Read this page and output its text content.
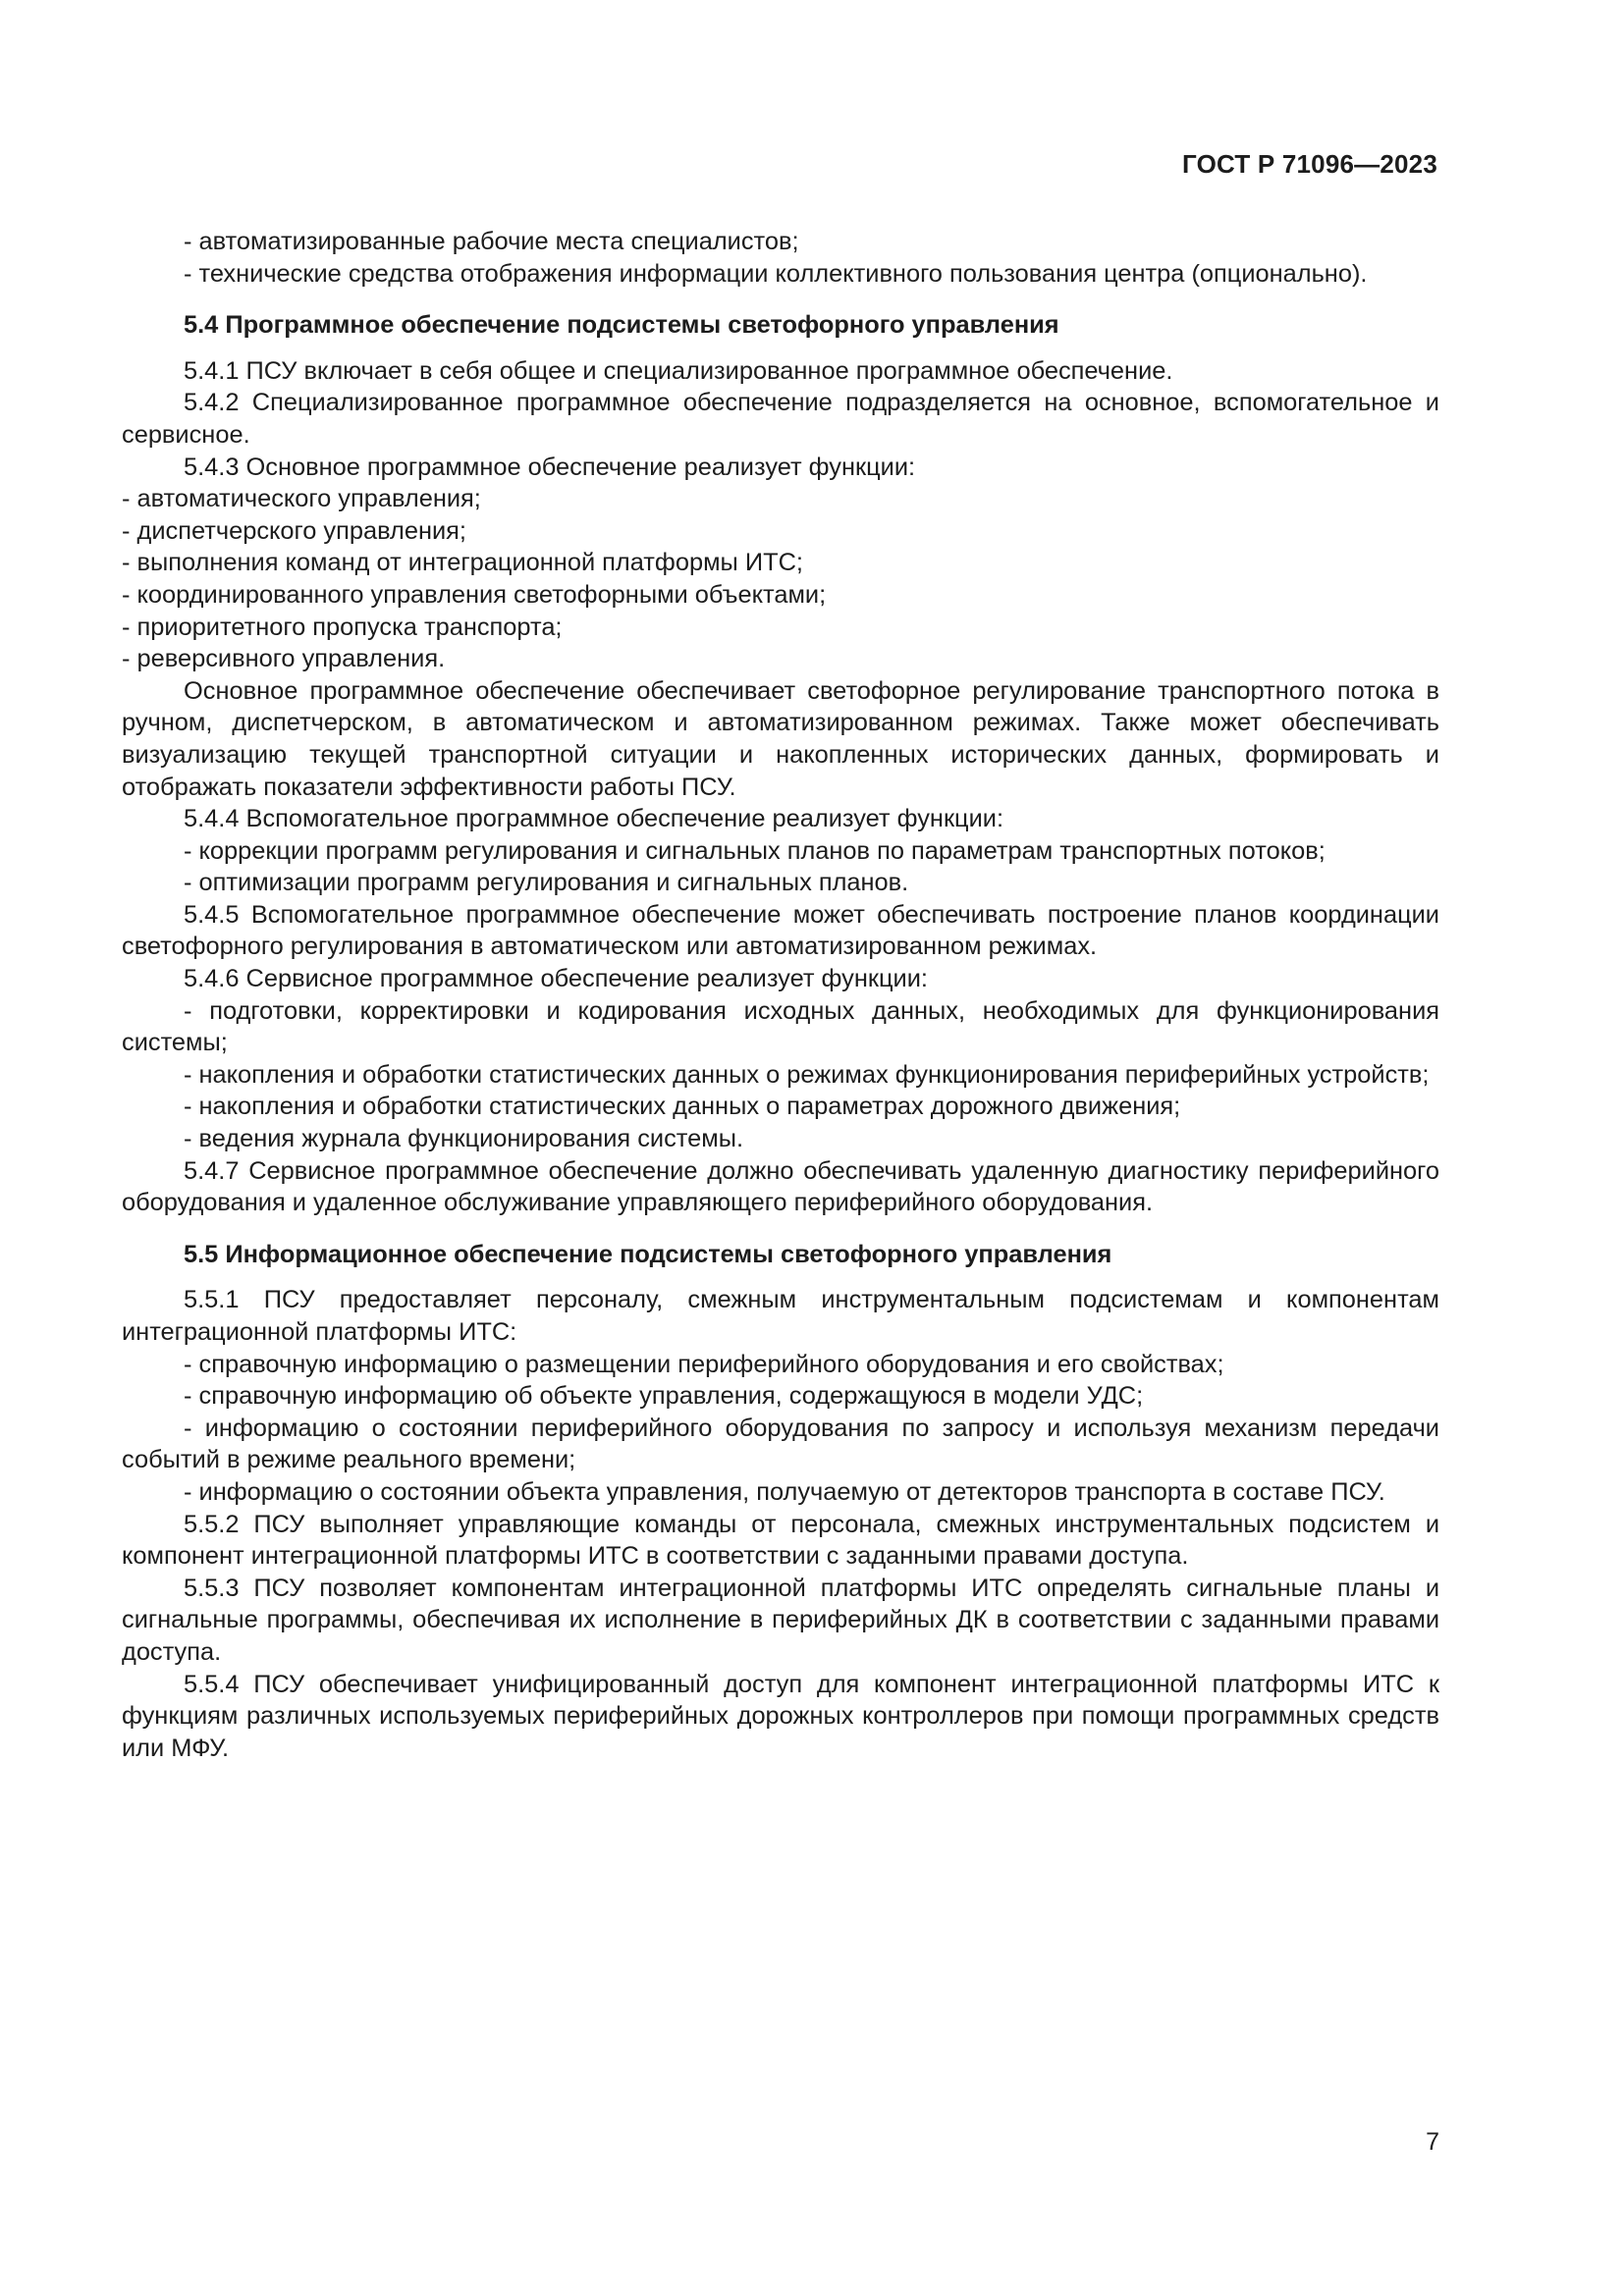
ГОСТ Р 71096—2023

- автоматизированные рабочие места специалистов;

- технические средства отображения информации коллективного пользования центра (опционально).

5.4 Программное обеспечение подсистемы светофорного управления

5.4.1 ПСУ включает в себя общее и специализированное программное обеспечение.

5.4.2 Специализированное программное обеспечение подразделяется на основное, вспомогательное и сервисное.

5.4.3 Основное программное обеспечение реализует функции:

- автоматического управления;

- диспетчерского управления;

- выполнения команд от интеграционной платформы ИТС;

- координированного управления светофорными объектами;

- приоритетного пропуска транспорта;

- реверсивного управления.

Основное программное обеспечение обеспечивает светофорное регулирование транспортного потока в ручном, диспетчерском, в автоматическом и автоматизированном режимах. Также может обеспечивать визуализацию текущей транспортной ситуации и накопленных исторических данных, формировать и отображать показатели эффективности работы ПСУ.

5.4.4 Вспомогательное программное обеспечение реализует функции:

- коррекции программ регулирования и сигнальных планов по параметрам транспортных потоков;

- оптимизации программ регулирования и сигнальных планов.

5.4.5 Вспомогательное программное обеспечение может обеспечивать построение планов координации светофорного регулирования в автоматическом или автоматизированном режимах.

5.4.6 Сервисное программное обеспечение реализует функции:

- подготовки, корректировки и кодирования исходных данных, необходимых для функционирования системы;

- накопления и обработки статистических данных о режимах функционирования периферийных устройств;

- накопления и обработки статистических данных о параметрах дорожного движения;

- ведения журнала функционирования системы.

5.4.7 Сервисное программное обеспечение должно обеспечивать удаленную диагностику периферийного оборудования и удаленное обслуживание управляющего периферийного оборудования.

5.5 Информационное обеспечение подсистемы светофорного управления

5.5.1 ПСУ предоставляет персоналу, смежным инструментальным подсистемам и компонентам интеграционной платформы ИТС:

- справочную информацию о размещении периферийного оборудования и его свойствах;

- справочную информацию об объекте управления, содержащуюся в модели УДС;

- информацию о состоянии периферийного оборудования по запросу и используя механизм передачи событий в режиме реального времени;

- информацию о состоянии объекта управления, получаемую от детекторов транспорта в составе ПСУ.

5.5.2 ПСУ выполняет управляющие команды от персонала, смежных инструментальных подсистем и компонент интеграционной платформы ИТС в соответствии с заданными правами доступа.

5.5.3 ПСУ позволяет компонентам интеграционной платформы ИТС определять сигнальные планы и сигнальные программы, обеспечивая их исполнение в периферийных ДК в соответствии с заданными правами доступа.

5.5.4 ПСУ обеспечивает унифицированный доступ для компонент интеграционной платформы ИТС к функциям различных используемых периферийных дорожных контроллеров при помощи программных средств или МФУ.

7
